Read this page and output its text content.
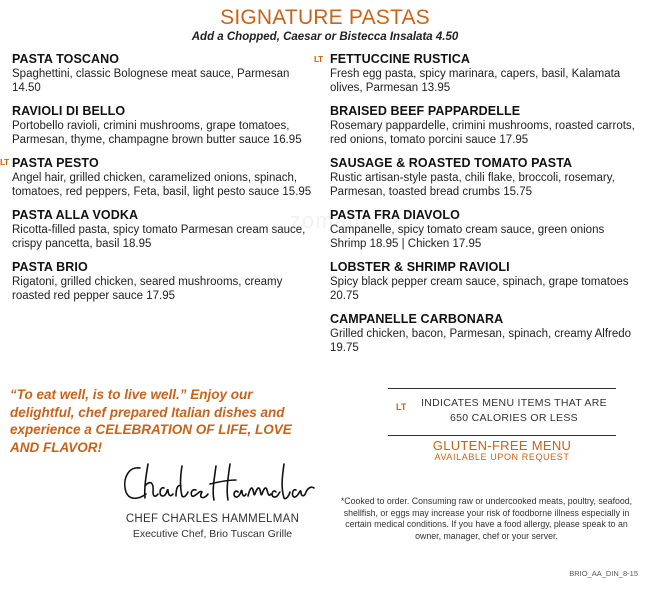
SIGNATURE PASTAS
Add a Chopped, Caesar or Bistecca Insalata 4.50
zomato
PASTA TOSCANO
Spaghettini, classic Bolognese meat sauce, Parmesan 14.50
RAVIOLI DI BELLO
Portobello ravioli, crimini mushrooms, grape tomatoes, Parmesan, thyme, champagne brown butter sauce 16.95
LT PASTA PESTO
Angel hair, grilled chicken, caramelized onions, spinach, tomatoes, red peppers, Feta, basil, light pesto sauce 15.95
PASTA ALLA VODKA
Ricotta-filled pasta, spicy tomato Parmesan cream sauce, crispy pancetta, basil 18.95
PASTA BRIO
Rigatoni, grilled chicken, seared mushrooms, creamy roasted red pepper sauce 17.95
LT FETTUCCINE RUSTICA
Fresh egg pasta, spicy marinara, capers, basil, Kalamata olives, Parmesan 13.95
BRAISED BEEF PAPPARDELLE
Rosemary pappardelle, crimini mushrooms, roasted carrots, red onions, tomato porcini sauce 17.95
SAUSAGE & ROASTED TOMATO PASTA
Rustic artisan-style pasta, chili flake, broccoli, rosemary, Parmesan, toasted bread crumbs 15.75
PASTA FRA DIAVOLO
Campanelle, spicy tomato cream sauce, green onions Shrimp 18.95 | Chicken 17.95
LOBSTER & SHRIMP RAVIOLI
Spicy black pepper cream sauce, spinach, grape tomatoes 20.75
CAMPANELLE CARBONARA
Grilled chicken, bacon, Parmesan, spinach, creamy Alfredo 19.75
“To eat well, is to live well.” Enjoy our delightful, chef prepared Italian dishes and experience a CELEBRATION OF LIFE, LOVE AND FLAVOR!
CHEF CHARLES HAMMELMAN
Executive Chef, Brio Tuscan Grille
LT	INDICATES MENU ITEMS THAT ARE 650 CALORIES OR LESS
GLUTEN-FREE MENU
AVAILABLE UPON REQUEST
*Cooked to order. Consuming raw or undercooked meats, poultry, seafood, shellfish, or eggs may increase your risk of foodborne illness especially in certain medical conditions. If you have a food allergy, please speak to an owner, manager, chef or your server.
BRIO_AA_DIN_8-15
